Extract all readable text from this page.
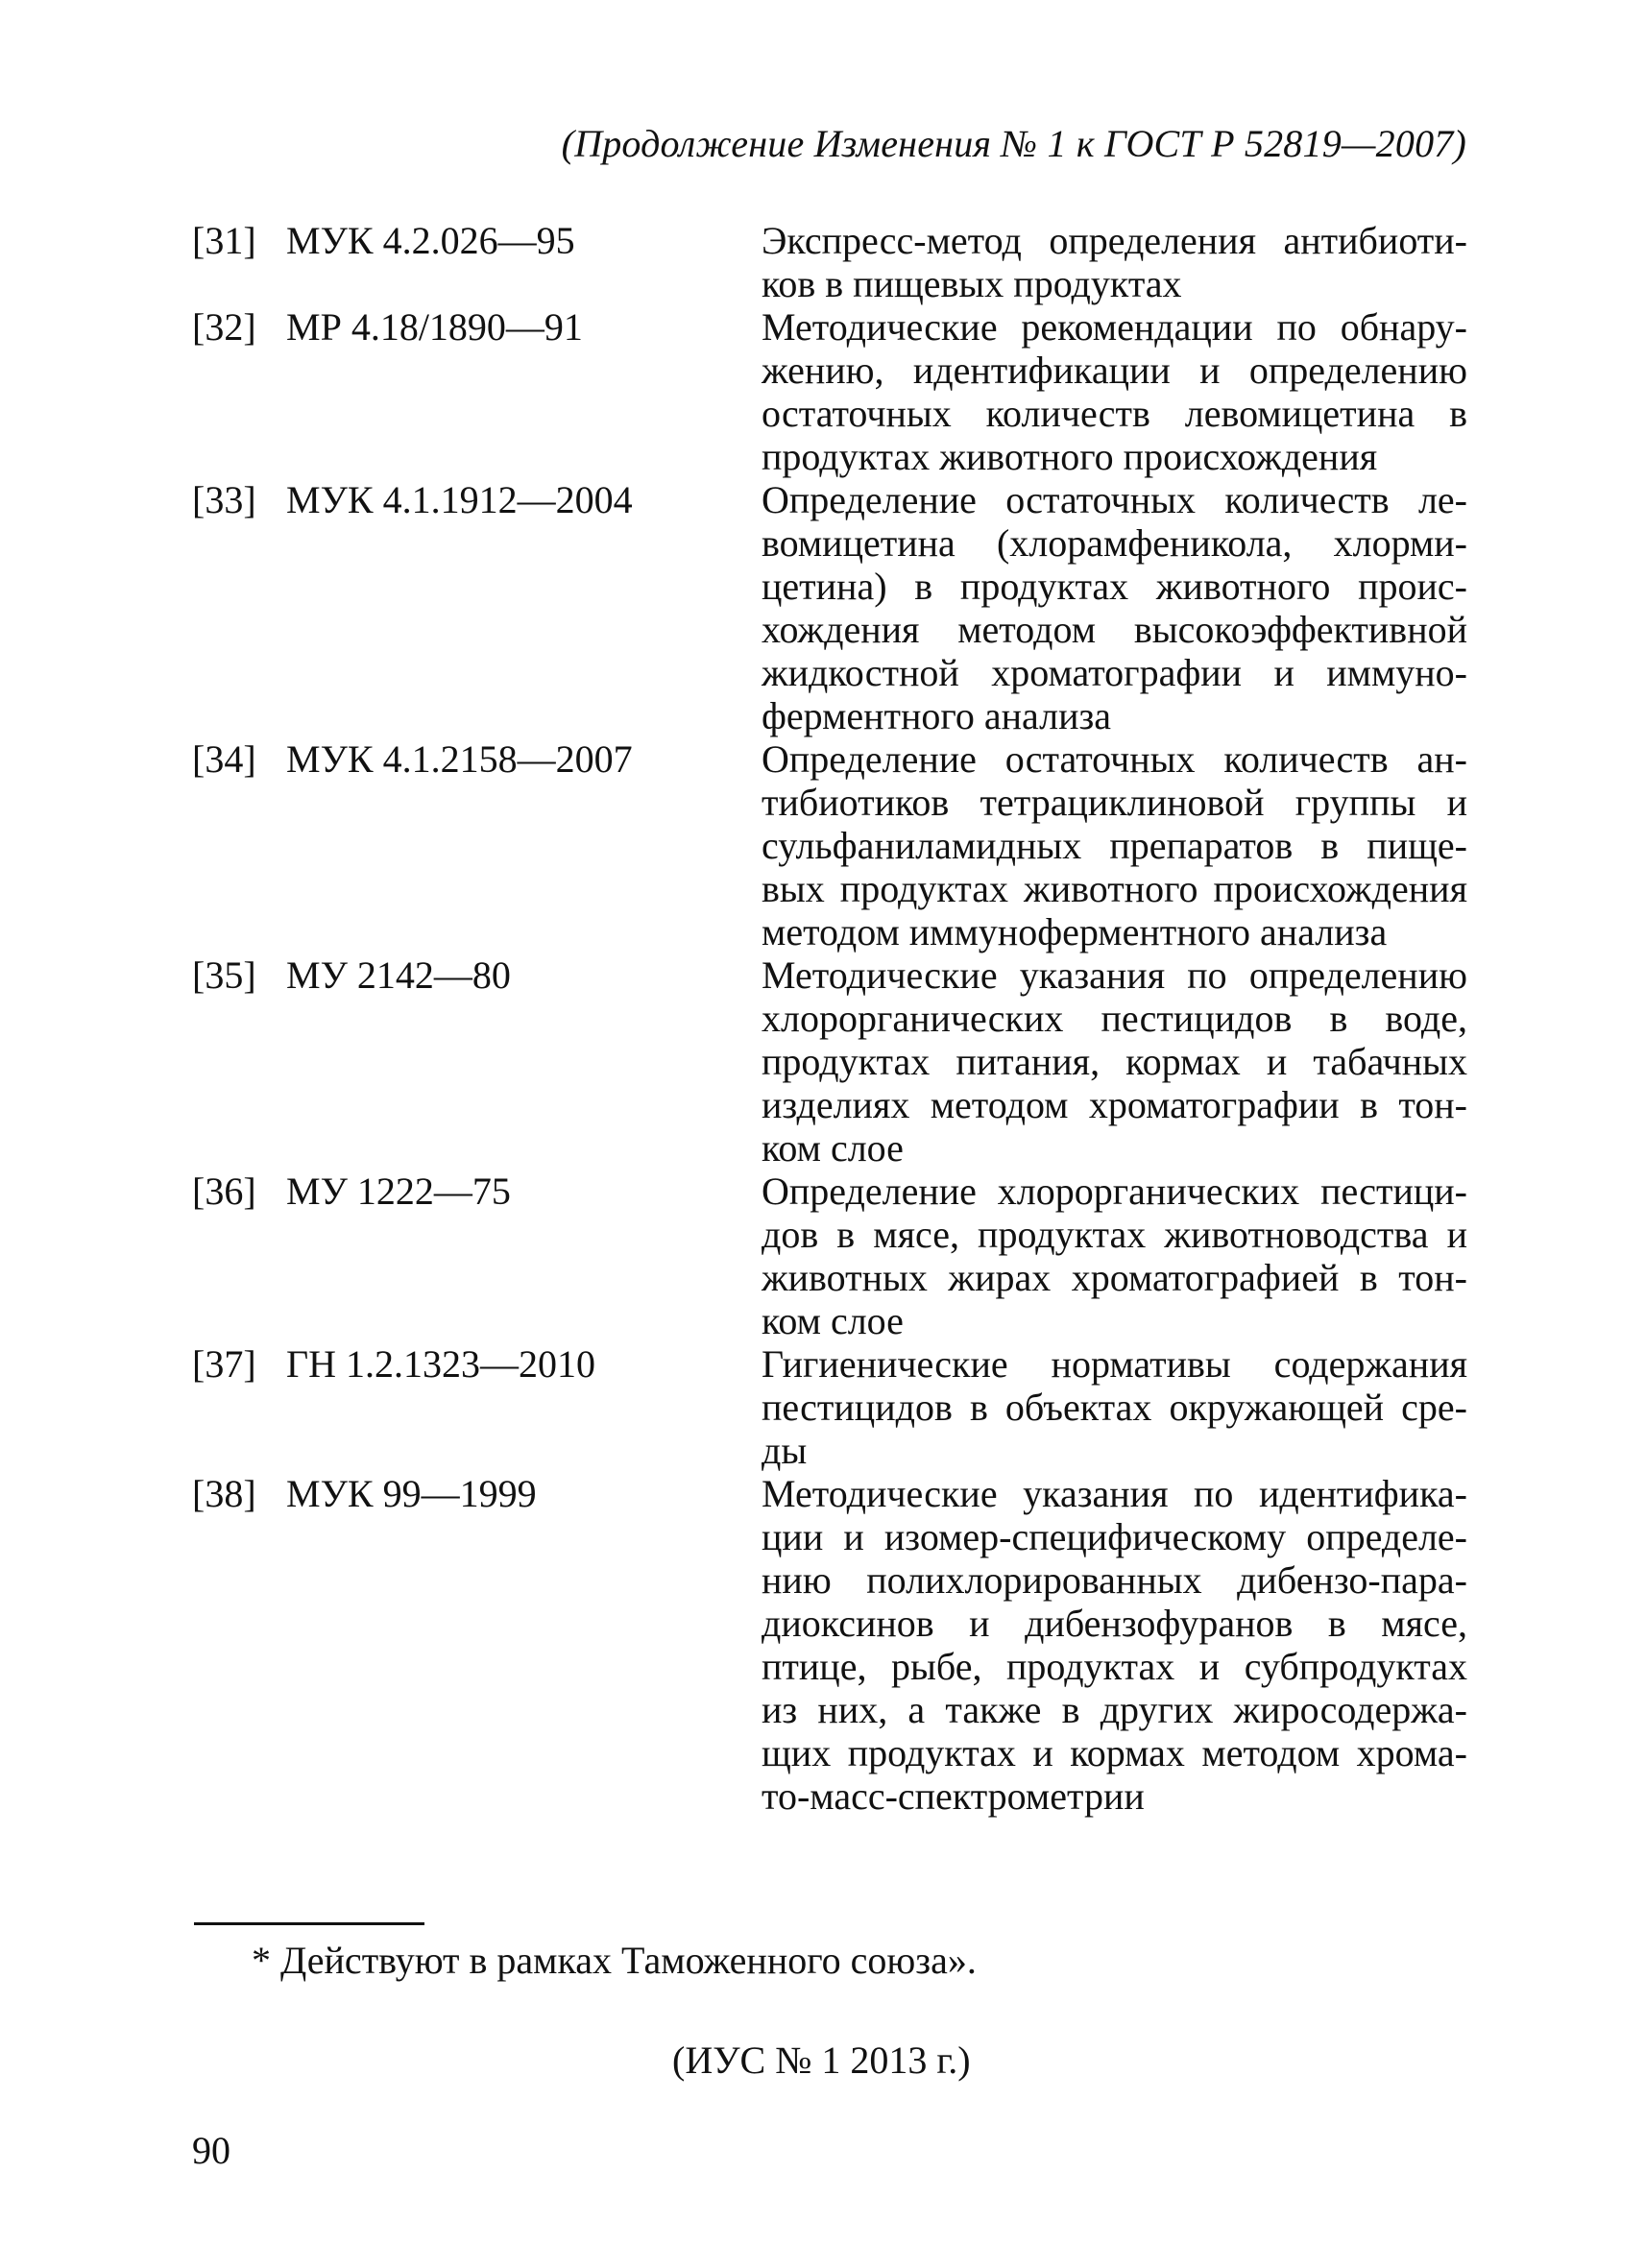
(Продолжение Изменения № 1 к ГОСТ Р 52819—2007)
[31] МУК 4.2.026—95	Экспресс-метод определения антибиоти-
ков в пищевых продуктах
[32] МР 4.18/1890—91	Методические рекомендации по обнару-
жению, идентификации и определению
остаточных количеств левомицетина в
продуктах животного происхождения
[33] МУК 4.1.1912—2004	Определение остаточных количеств ле-
вомицетина (хлорамфеникола, хлорми-
цетина) в продуктах животного проис-
хождения методом высокоэффективной
жидкостной хроматографии и иммуно-
ферментного анализа
[34] МУК 4.1.2158—2007	Определение остаточных количеств ан-
тибиотиков тетрациклиновой группы и
сульфаниламидных препаратов в пище-
вых продуктах животного происхождения
методом иммуноферментного анализа
[35] МУ 2142—80	Методические указания по определению
хлорорганических пестицидов в воде,
продуктах питания, кормах и табачных
изделиях методом хроматографии в тон-
ком слое
[36] МУ 1222—75	Определение хлорорганических пестици-
дов в мясе, продуктах животноводства и
животных жирах хроматографией в тон-
ком слое
[37] ГН 1.2.1323—2010	Гигиенические нормативы содержания
пестицидов в объектах окружающей сре-
ды
[38] МУК 99—1999	Методические указания по идентифика-
ции и изомер-специфическому определе-
нию полихлорированных дибензо-пара-
диоксинов и дибензофуранов в мясе,
птице, рыбе, продуктах и субпродуктах
из них, а также в других жиросодержа-
щих продуктах и кормах методом хрома-
то-масс-спектрометрии
* Действуют в рамках Таможенного союза».
(ИУС № 1 2013 г.)
90
